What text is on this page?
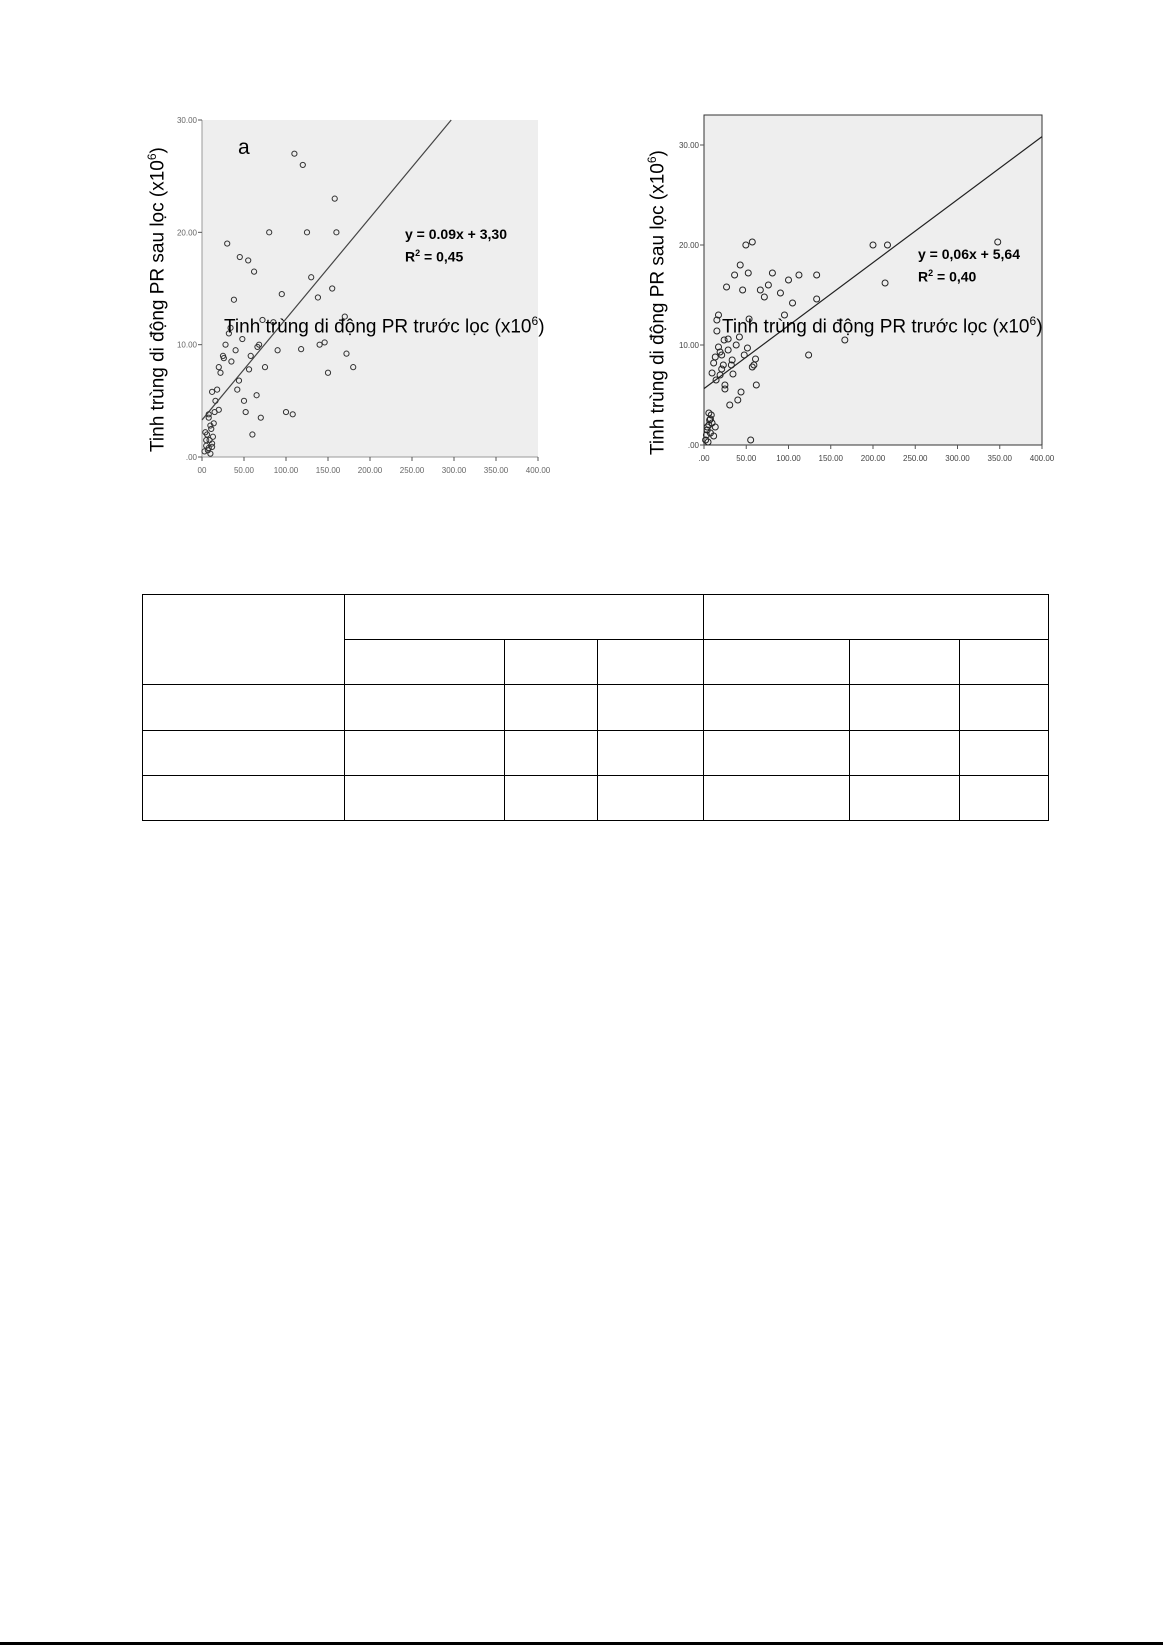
00	50.00 100.00 150.00 200.00 250.00 300.00 350.00 400.00
.00
10.00
20.00
30.00
a
Tinh trùng di động PR sau lọc $(x10^6)$
Tinh trùng di động PR trước lọc $(x10^6)$
y = 0.09x + 3,30
$R^2 = 0,45$
.00	50.00	100.00 150.00 200.00 250.00 300.00 350.00 400.00
.00
10.00
20.00
30.00
Tinh trùng di động PR sau lọc $(x10^6)$
Tinh trùng di động PR trước lọc $(x10^6)$
y = 0,06x + 5,64
$R^2 = 0,40$
